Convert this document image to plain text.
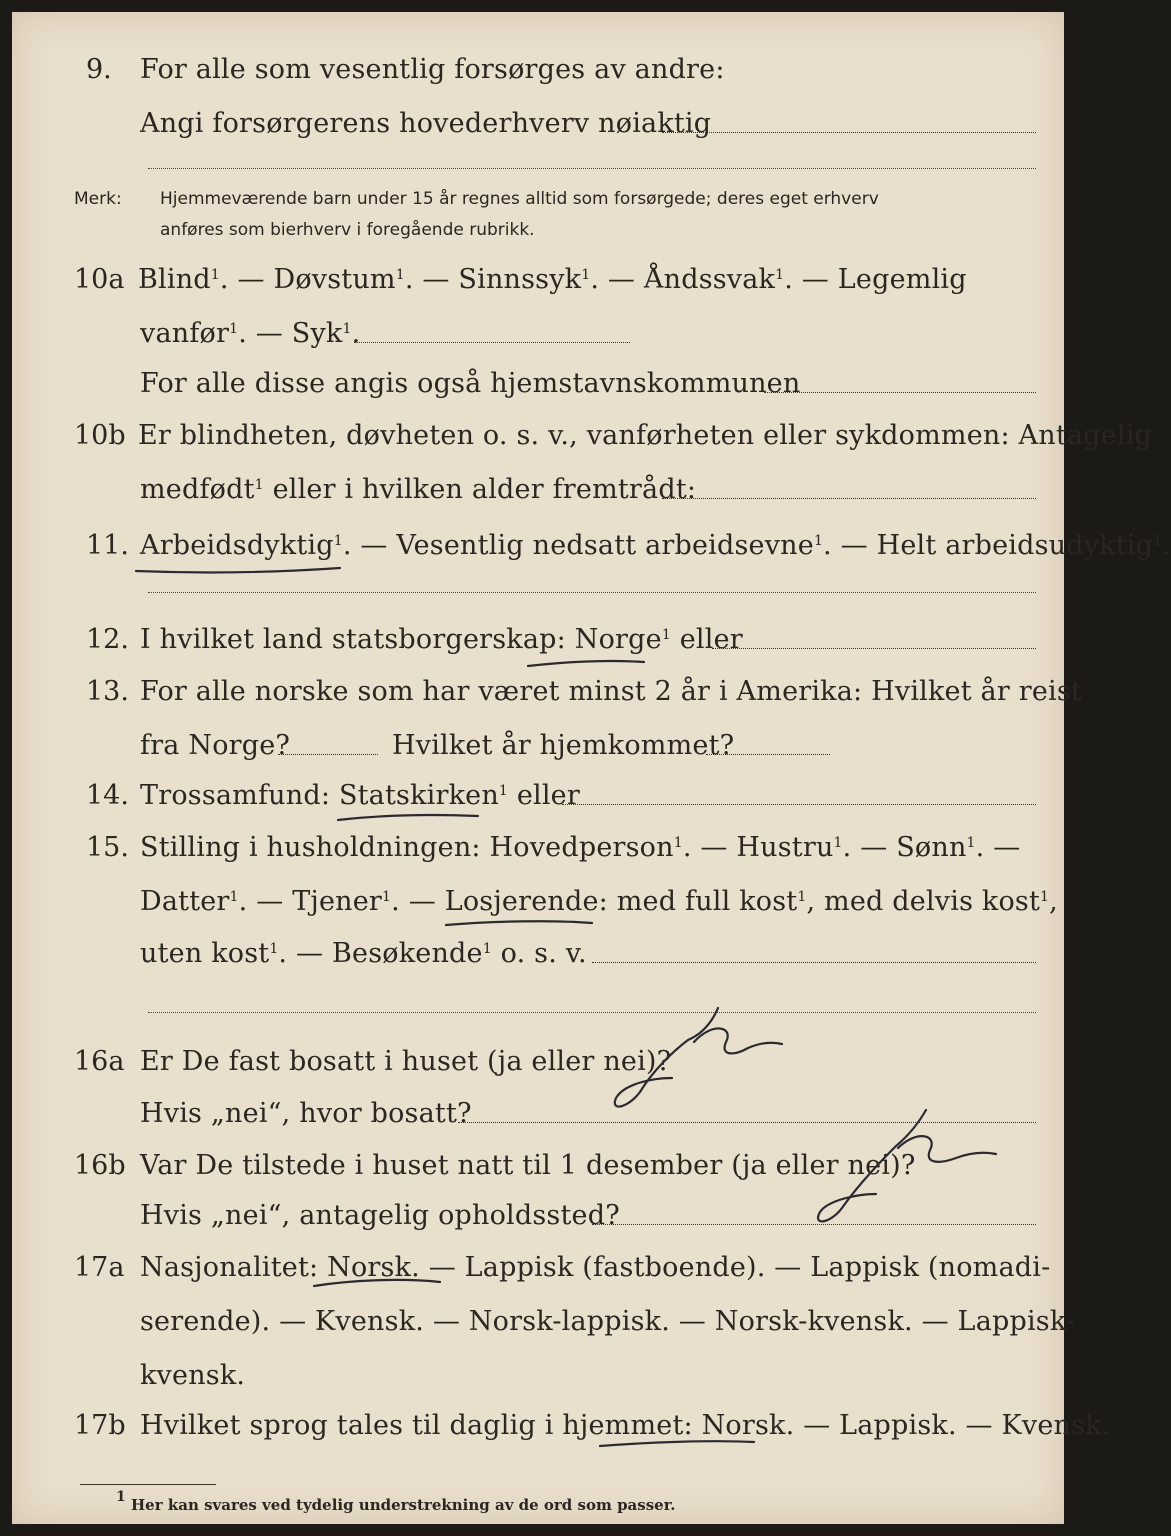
9. For alle som vesentlig forsørges av andre:
Angi forsørgerens hovederhverv nøiaktig
Merk: Hjemmeværende barn under 15 år regnes alltid som forsørgede; deres eget erhverv
anføres som bierhverv i foregående rubrikk.
10a Blind$^1$. — Døvstum$^1$. — Sinnssyk$^1$. — Åndssvak$^1$. — Legemlig
vanfør$^1$. — Syk$^1$.
For alle disse angis også hjemstavnskommunen
10b Er blindheten, døvheten o. s. v., vanførheten eller sykdommen: Antagelig
medfødt$^1$ eller i hvilken alder fremtrådt:
11. Arbeidsdyktig$^1$. — Vesentlig nedsatt arbeidsevne$^1$. — Helt arbeidsudyktig$^1$.
12. I hvilket land statsborgerskap: Norge$^1$ eller
13. For alle norske som har været minst 2 år i Amerika: Hvilket år reist
fra Norge?	Hvilket år hjemkommet?
14. Trossamfund: Statskirken$^1$ eller
15. Stilling i husholdningen: Hovedperson$^1$. — Hustru$^1$. — Sønn$^1$. —
Datter$^1$. — Tjener$^1$. — Losjerende: med full kost$^1$, med delvis kost$^1$,
uten kost$^1$. — Besøkende$^1$ o. s. v.
16a Er De fast bosatt i huset (ja eller nei)?
Hvis „nei“, hvor bosatt?
16b Var De tilstede i huset natt til 1 desember (ja eller nei)?
Hvis „nei“, antagelig opholdssted?
17a Nasjonalitet: Norsk. — Lappisk (fastboende). — Lappisk (nomadi-
serende). — Kvensk. — Norsk-lappisk. — Norsk-kvensk. — Lappisk-
kvensk.
17b Hvilket sprog tales til daglig i hjemmet: Norsk. — Lappisk. — Kvensk.
$^1$ Her kan svares ved tydelig understrekning av de ord som passer.
